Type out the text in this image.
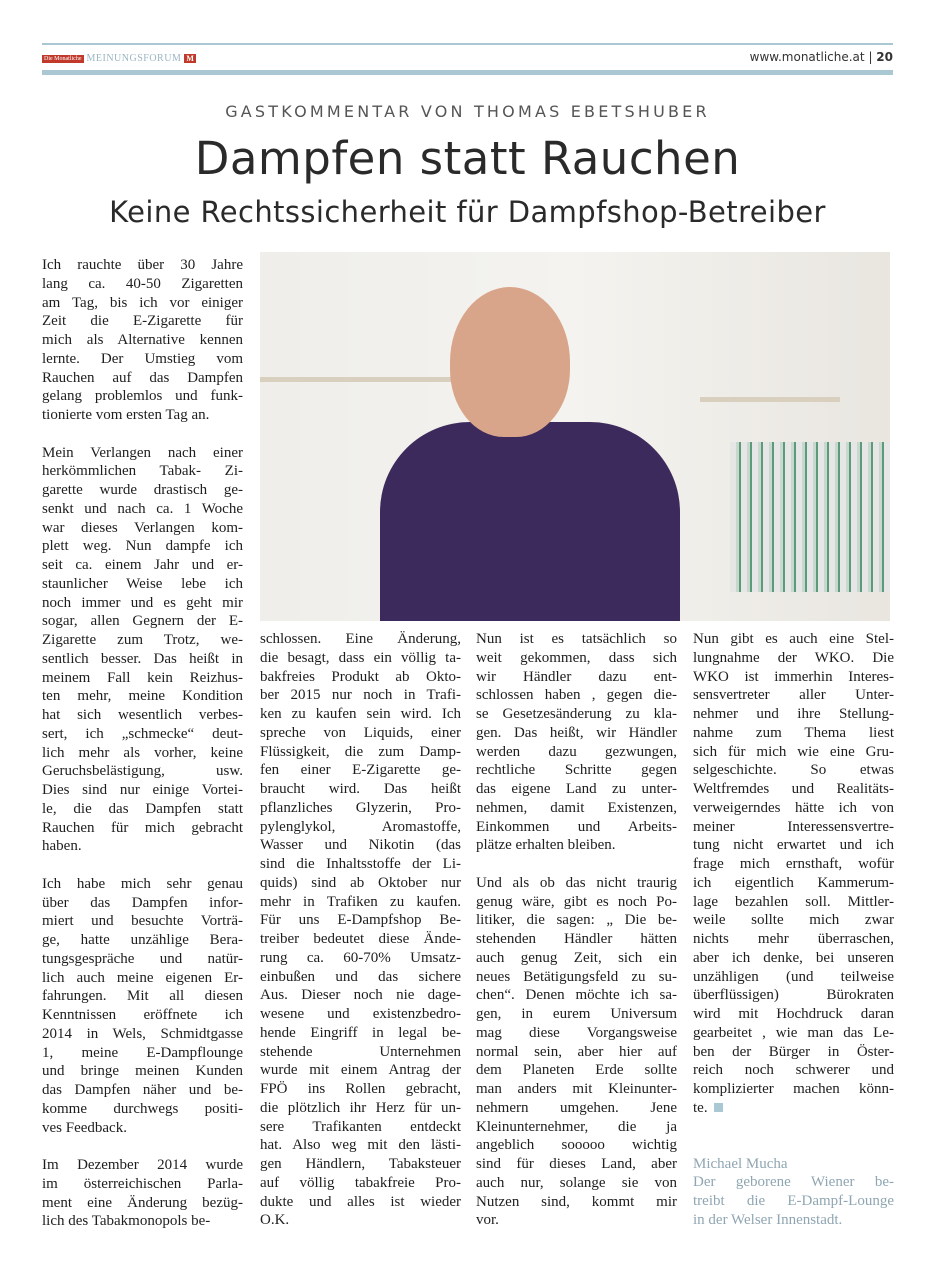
Die Monatliche MEINUNGSFORUM M	www.monatliche.at | 20
GASTKOMMENTAR VON THOMAS EBETSHUBER
Dampfen statt Rauchen
Keine Rechtssicherheit für Dampfshop-Betreiber
Ich rauchte über 30 Jahre
lang ca. 40-50 Zigaretten
am Tag, bis ich vor einiger
Zeit die E-Zigarette für
mich als Alternative kennen
lernte. Der Umstieg vom
Rauchen auf das Dampfen
gelang problemlos und funk-
tionierte vom ersten Tag an.
Mein Verlangen nach einer
herkömmlichen Tabak- Zi-
garette wurde drastisch ge-
senkt und nach ca. 1 Woche
war dieses Verlangen kom-
plett weg. Nun dampfe ich
seit ca. einem Jahr und er-
staunlicher Weise lebe ich
noch immer und es geht mir
sogar, allen Gegnern der E-
Zigarette zum Trotz, we-
sentlich besser. Das heißt in
meinem Fall kein Reizhus-
ten mehr, meine Kondition
hat sich wesentlich verbes-
sert, ich „schmecke“ deut-
lich mehr als vorher, keine
Geruchsbelästigung, usw.
Dies sind nur einige Vortei-
le, die das Dampfen statt
Rauchen für mich gebracht
haben.
Ich habe mich sehr genau
über das Dampfen infor-
miert und besuchte Vorträ-
ge, hatte unzählige Bera-
tungsgespräche und natür-
lich auch meine eigenen Er-
fahrungen. Mit all diesen
Kenntnissen eröffnete ich
2014 in Wels, Schmidtgasse
1, meine E-Dampflounge
und bringe meinen Kunden
das Dampfen näher und be-
komme durchwegs positi-
ves Feedback.
Im Dezember 2014 wurde
im österreichischen Parla-
ment eine Änderung bezüg-
lich des Tabakmonopols be-
schlossen. Eine Änderung,
die besagt, dass ein völlig ta-
bakfreies Produkt ab Okto-
ber 2015 nur noch in Trafi-
ken zu kaufen sein wird. Ich
spreche von Liquids, einer
Flüssigkeit, die zum Damp-
fen einer E-Zigarette ge-
braucht wird. Das heißt
pflanzliches Glyzerin, Pro-
pylenglykol, Aromastoffe,
Wasser und Nikotin (das
sind die Inhaltsstoffe der Li-
quids) sind ab Oktober nur
mehr in Trafiken zu kaufen.
Für uns E-Dampfshop Be-
treiber bedeutet diese Ände-
rung ca. 60-70% Umsatz-
einbußen und das sichere
Aus. Dieser noch nie dage-
wesene und existenzbedro-
hende Eingriff in legal be-
stehende Unternehmen
wurde mit einem Antrag der
FPÖ ins Rollen gebracht,
die plötzlich ihr Herz für un-
sere Trafikanten entdeckt
hat. Also weg mit den lästi-
gen Händlern, Tabaksteuer
auf völlig tabakfreie Pro-
dukte und alles ist wieder
O.K.
Nun ist es tatsächlich so
weit gekommen, dass sich
wir Händler dazu ent-
schlossen haben , gegen die-
se Gesetzesänderung zu kla-
gen. Das heißt, wir Händler
werden dazu gezwungen,
rechtliche Schritte gegen
das eigene Land zu unter-
nehmen, damit Existenzen,
Einkommen und Arbeits-
plätze erhalten bleiben.
Und als ob das nicht traurig
genug wäre, gibt es noch Po-
litiker, die sagen: „ Die be-
stehenden Händler hätten
auch genug Zeit, sich ein
neues Betätigungsfeld zu su-
chen“. Denen möchte ich sa-
gen, in eurem Universum
mag diese Vorgangsweise
normal sein, aber hier auf
dem Planeten Erde sollte
man anders mit Kleinunter-
nehmern umgehen. Jene
Kleinunternehmer, die ja
angeblich sooooo wichtig
sind für dieses Land, aber
auch nur, solange sie von
Nutzen sind, kommt mir
vor.
Nun gibt es auch eine Stel-
lungnahme der WKO. Die
WKO ist immerhin Interes-
sensvertreter aller Unter-
nehmer und ihre Stellung-
nahme zum Thema liest
sich für mich wie eine Gru-
selgeschichte. So etwas
Weltfremdes und Realitäts-
verweigerndes hätte ich von
meiner Interessensvertre-
tung nicht erwartet und ich
frage mich ernsthaft, wofür
ich eigentlich Kammerum-
lage bezahlen soll. Mittler-
weile sollte mich zwar
nichts mehr überraschen,
aber ich denke, bei unseren
unzähligen (und teilweise
überflüssigen) Bürokraten
wird mit Hochdruck daran
gearbeitet , wie man das Le-
ben der Bürger in Öster-
reich noch schwerer und
komplizierter machen könn-
te.
Michael Mucha
Der geborene Wiener be-
treibt die E-Dampf-Lounge
in der Welser Innenstadt.
